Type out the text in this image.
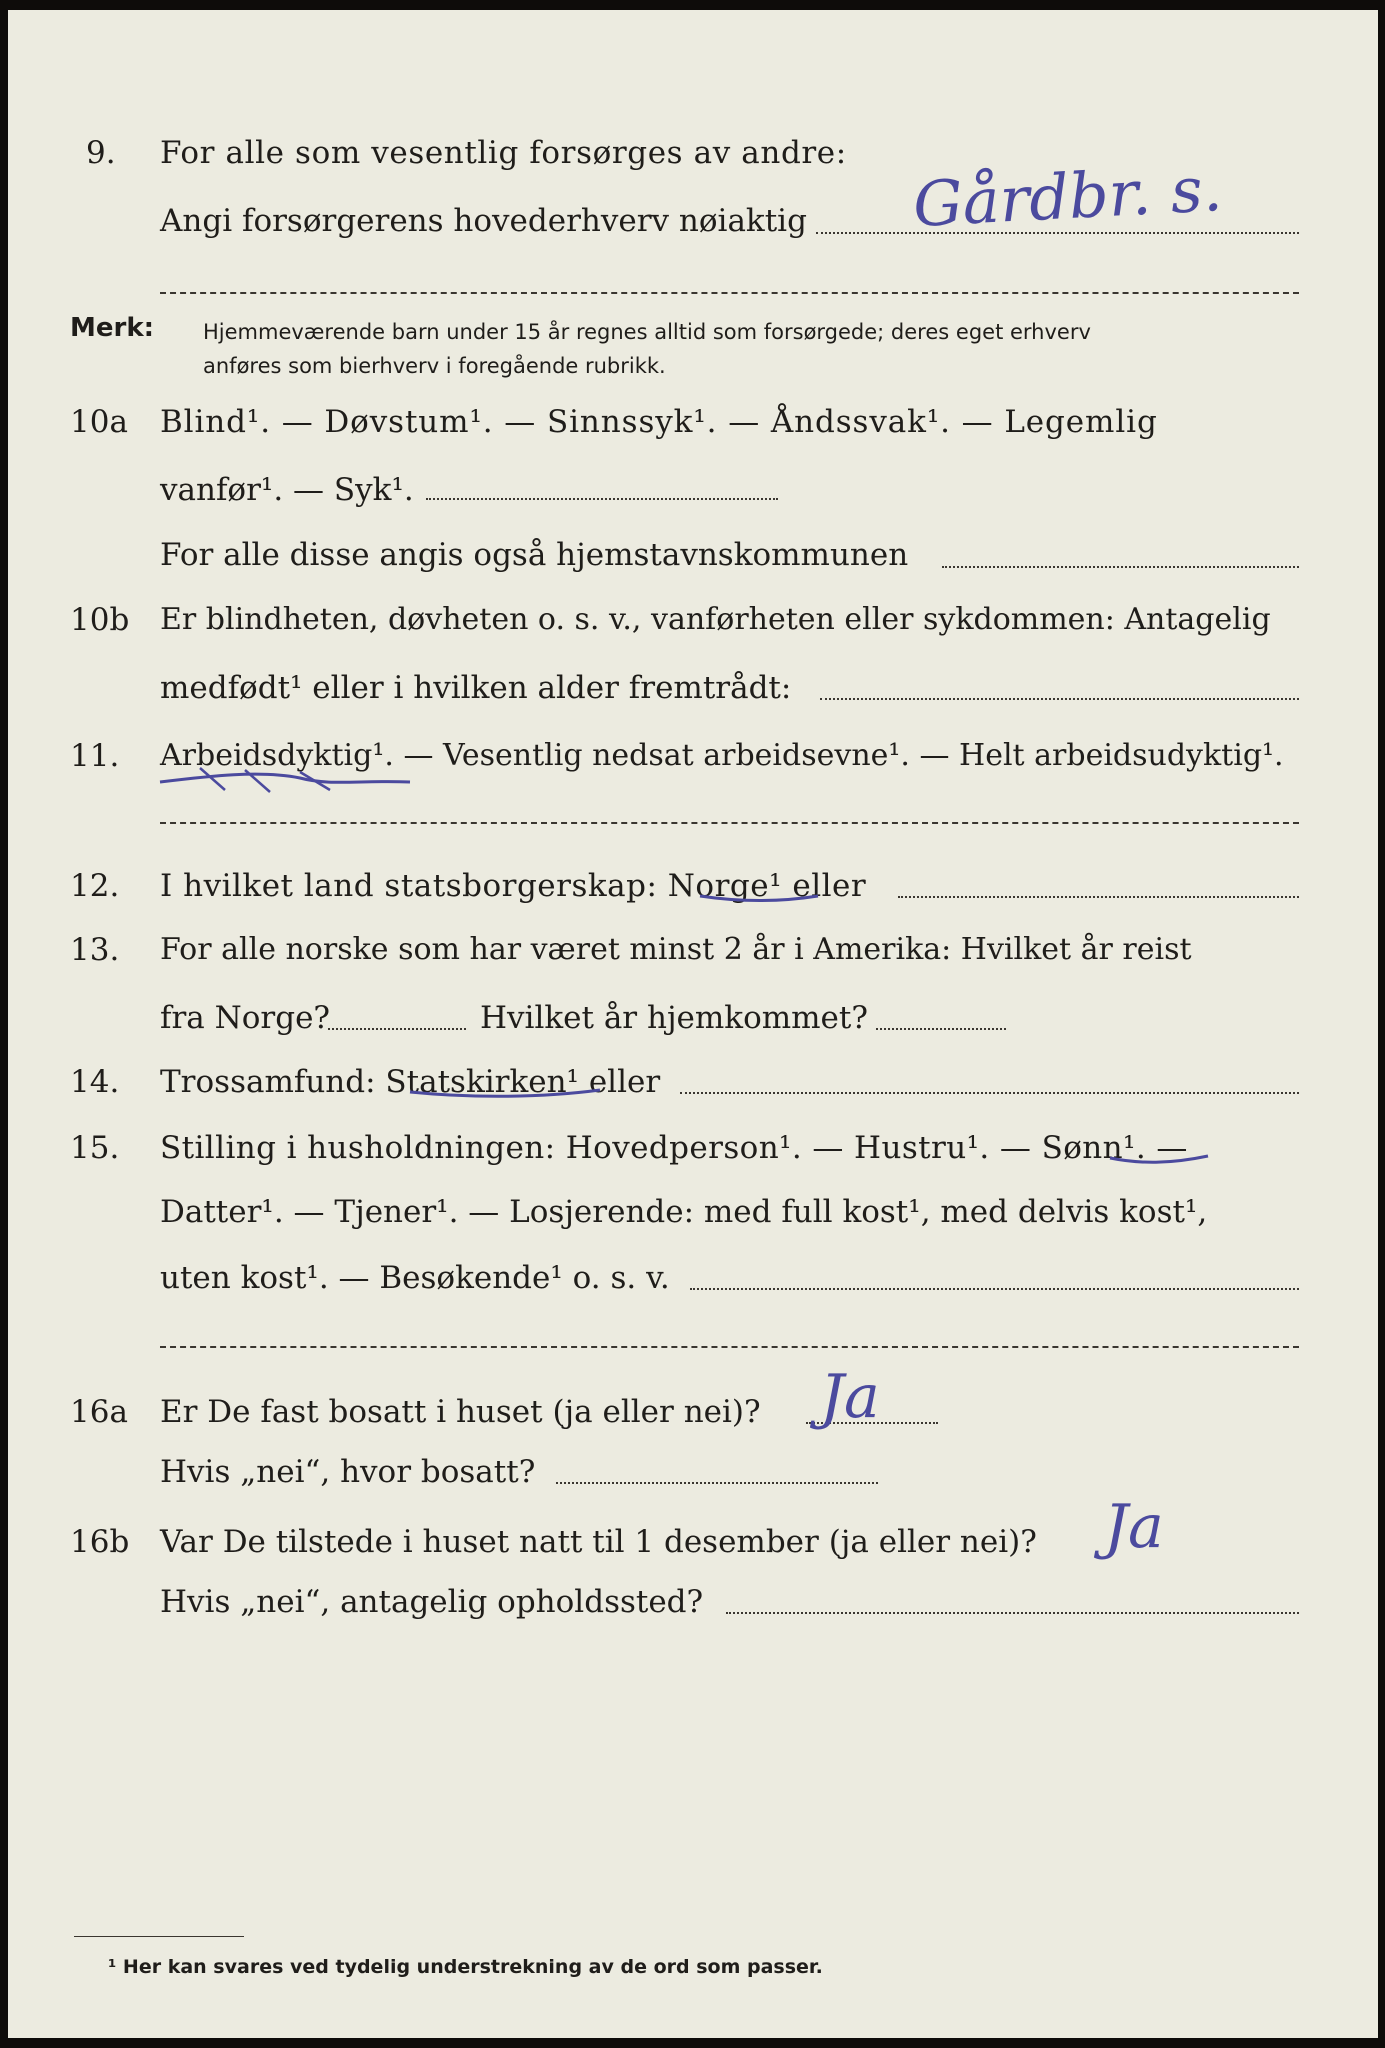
9. For alle som vesentlig forsørges av andre:
Angi forsørgerens hovederhverv nøiaktig Gårdbr. s.
Merk: Hjemmeværende barn under 15 år regnes alltid som forsørgede; deres eget erhverv
anføres som bierhverv i foregående rubrikk.
10a Blind¹. — Døvstum¹. — Sinnssyk¹. — Åndssvak¹. — Legemlig
vanfør¹. — Syk¹.
For alle disse angis også hjemstavnskommunen
10b Er blindheten, døvheten o. s. v., vanførheten eller sykdommen: Antagelig
medfødt¹ eller i hvilken alder fremtrådt:
11. Arbeidsdyktig¹. — Vesentlig nedsat arbeidsevne¹. — Helt arbeidsudyktig¹.
12. I hvilket land statsborgerskap: Norge¹ eller
13. For alle norske som har været minst 2 år i Amerika: Hvilket år reist
fra Norge?	Hvilket år hjemkommet?
14. Trossamfund: Statskirken¹ eller
15. Stilling i husholdningen: Hovedperson¹. — Hustru¹. — Sønn¹. —
Datter¹. — Tjener¹. — Losjerende: med full kost¹, med delvis kost¹,
uten kost¹. — Besøkende¹ o. s. v.
16a Er De fast bosatt i huset (ja eller nei)? Ja
Hvis „nei“, hvor bosatt?
16b Var De tilstede i huset natt til 1 desember (ja eller nei)? Ja
Hvis „nei“, antagelig opholdssted?
¹ Her kan svares ved tydelig understrekning av de ord som passer.
